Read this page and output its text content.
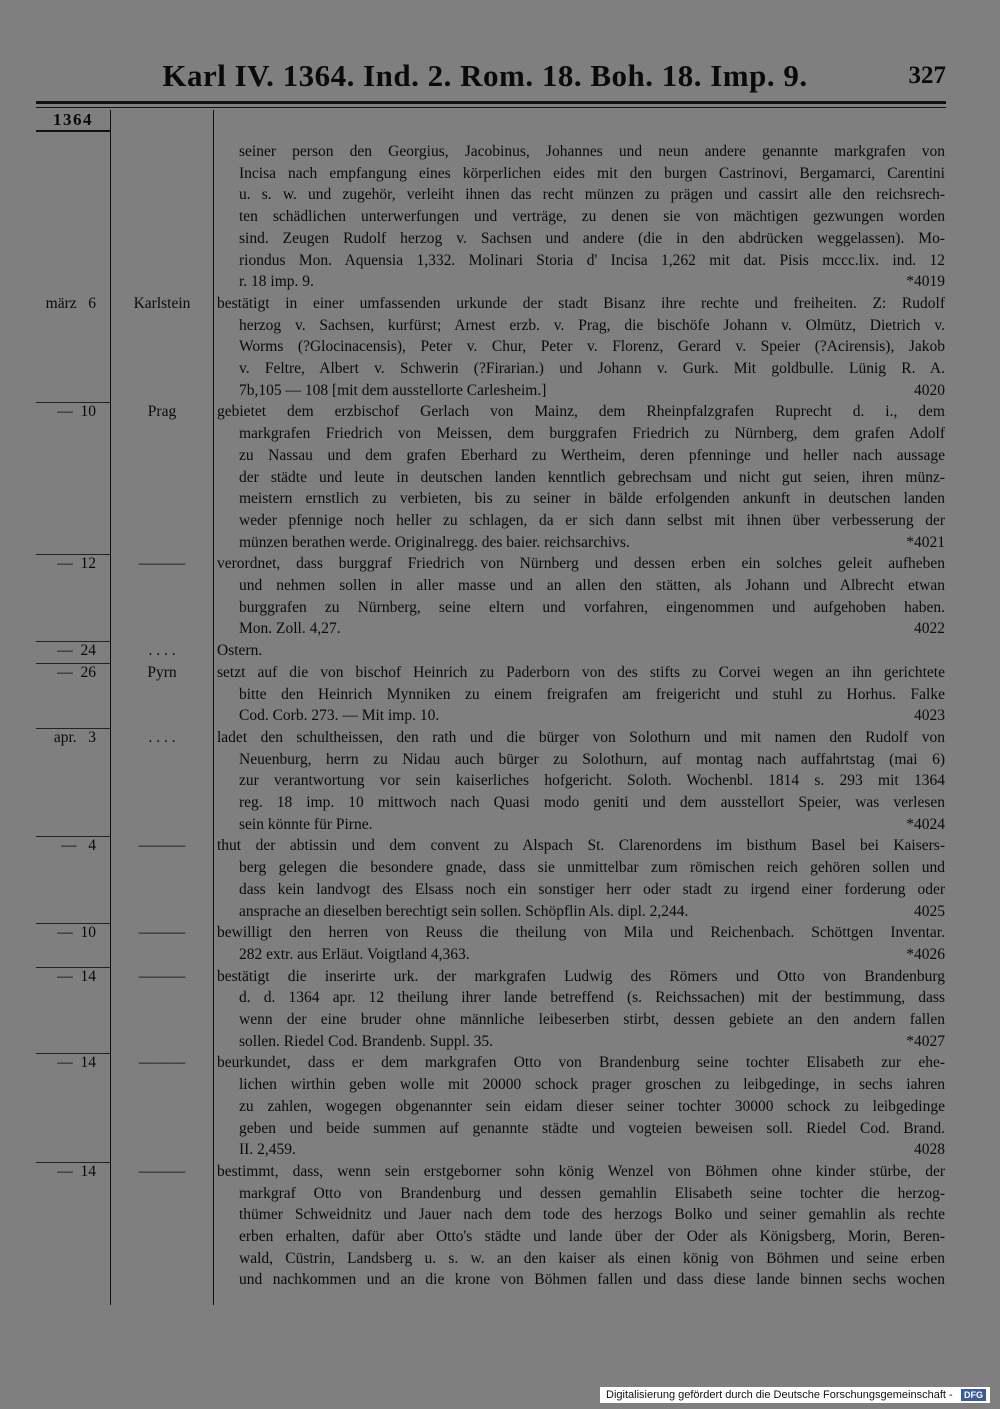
Karl IV. 1364. Ind. 2. Rom. 18. Boh. 18. Imp. 9.	327
1364
seiner person den Georgius, Jacobinus, Johannes und neun andere genannte markgrafen von
Incisa nach empfangung eines körperlichen eides mit den burgen Castrinovi, Bergamarci, Carentini
u. s. w. und zugehör, verleiht ihnen das recht münzen zu prägen und cassirt alle den reichsrech-
ten schädlichen unterwerfungen und verträge, zu denen sie von mächtigen gezwungen worden
sind. Zeugen Rudolf herzog v. Sachsen und andere (die in den abdrücken weggelassen). Mo-
riondus Mon. Aquensia 1,332. Molinari Storia d' Incisa 1,262 mit dat. Pisis mccc.lix. ind. 12
r. 18 imp. 9.	*4019
märz   6	Karlstein	bestätigt in einer umfassenden urkunde der stadt Bisanz ihre rechte und freiheiten. Z: Rudolf
herzog v. Sachsen, kurfürst; Arnest erzb. v. Prag, die bischöfe Johann v. Olmütz, Dietrich v.
Worms (?Glocinacensis), Peter v. Chur, Peter v. Florenz, Gerard v. Speier (?Acirensis), Jakob
v. Feltre, Albert v. Schwerin (?Firarian.) und Johann v. Gurk. Mit goldbulle. Lünig R. A.
7b,105 — 108 [mit dem ausstellorte Carlesheim.]	4020
—  10	Prag	gebietet dem erzbischof Gerlach von Mainz, dem Rheinpfalzgrafen Ruprecht d. i., dem
markgrafen Friedrich von Meissen, dem burggrafen Friedrich zu Nürnberg, dem grafen Adolf
zu Nassau und dem grafen Eberhard zu Wertheim, deren pfenninge und heller nach aussage
der städte und leute in deutschen landen kenntlich gebrechsam und nicht gut seien, ihren münz-
meistern ernstlich zu verbieten, bis zu seiner in bälde erfolgenden ankunft in deutschen landen
weder pfennige noch heller zu schlagen, da er sich dann selbst mit ihnen über verbesserung der
münzen berathen werde. Originalregg. des baier. reichsarchivs.	*4021
—  12	———	verordnet, dass burggraf Friedrich von Nürnberg und dessen erben ein solches geleit aufheben
und nehmen sollen in aller masse und an allen den stätten, als Johann und Albrecht etwan
burggrafen zu Nürnberg, seine eltern und vorfahren, eingenommen und aufgehoben haben.
Mon. Zoll. 4,27.	4022
—  24	. . . .	Ostern.
—  26	Pyrn	setzt auf die von bischof Heinrich zu Paderborn von des stifts zu Corvei wegen an ihn gerichtete
bitte den Heinrich Mynniken zu einem freigrafen am freigericht und stuhl zu Horhus. Falke
Cod. Corb. 273. — Mit imp. 10.	4023
apr.   3	. . . .	ladet den schultheissen, den rath und die bürger von Solothurn und mit namen den Rudolf von
Neuenburg, herrn zu Nidau auch bürger zu Solothurn, auf montag nach auffahrtstag (mai 6)
zur verantwortung vor sein kaiserliches hofgericht. Soloth. Wochenbl. 1814 s. 293 mit 1364
reg. 18 imp. 10 mittwoch nach Quasi modo geniti und dem ausstellort Speier, was verlesen
sein könnte für Pirne.	*4024
—   4	———	thut der abtissin und dem convent zu Alspach St. Clarenordens im bisthum Basel bei Kaisers-
berg gelegen die besondere gnade, dass sie unmittelbar zum römischen reich gehören sollen und
dass kein landvogt des Elsass noch ein sonstiger herr oder stadt zu irgend einer forderung oder
ansprache an dieselben berechtigt sein sollen. Schöpflin Als. dipl. 2,244.	4025
—  10	———	bewilligt den herren von Reuss die theilung von Mila und Reichenbach. Schöttgen Inventar.
282 extr. aus Erläut. Voigtland 4,363.	*4026
—  14	———	bestätigt die inserirte urk. der markgrafen Ludwig des Römers und Otto von Brandenburg
d. d. 1364 apr. 12 theilung ihrer lande betreffend (s. Reichssachen) mit der bestimmung, dass
wenn der eine bruder ohne männliche leibeserben stirbt, dessen gebiete an den andern fallen
sollen. Riedel Cod. Brandenb. Suppl. 35.	*4027
—  14	———	beurkundet, dass er dem markgrafen Otto von Brandenburg seine tochter Elisabeth zur ehe-
lichen wirthin geben wolle mit 20000 schock prager groschen zu leibgedinge, in sechs iahren
zu zahlen, wogegen obgenannter sein eidam dieser seiner tochter 30000 schock zu leibgedinge
geben und beide summen auf genannte städte und vogteien beweisen soll. Riedel Cod. Brand.
II. 2,459.	4028
—  14	———	bestimmt, dass, wenn sein erstgeborner sohn könig Wenzel von Böhmen ohne kinder stürbe, der
markgraf Otto von Brandenburg und dessen gemahlin Elisabeth seine tochter die herzog-
thümer Schweidnitz und Jauer nach dem tode des herzogs Bolko und seiner gemahlin als rechte
erben erhalten, dafür aber Otto's städte und lande über der Oder als Königsberg, Morin, Beren-
wald, Cüstrin, Landsberg u. s. w. an den kaiser als einen könig von Böhmen und seine erben
und nachkommen und an die krone von Böhmen fallen und dass diese lande binnen sechs wochen
Digitalisierung gefördert durch die Deutsche Forschungsgemeinschaft -	DFG
